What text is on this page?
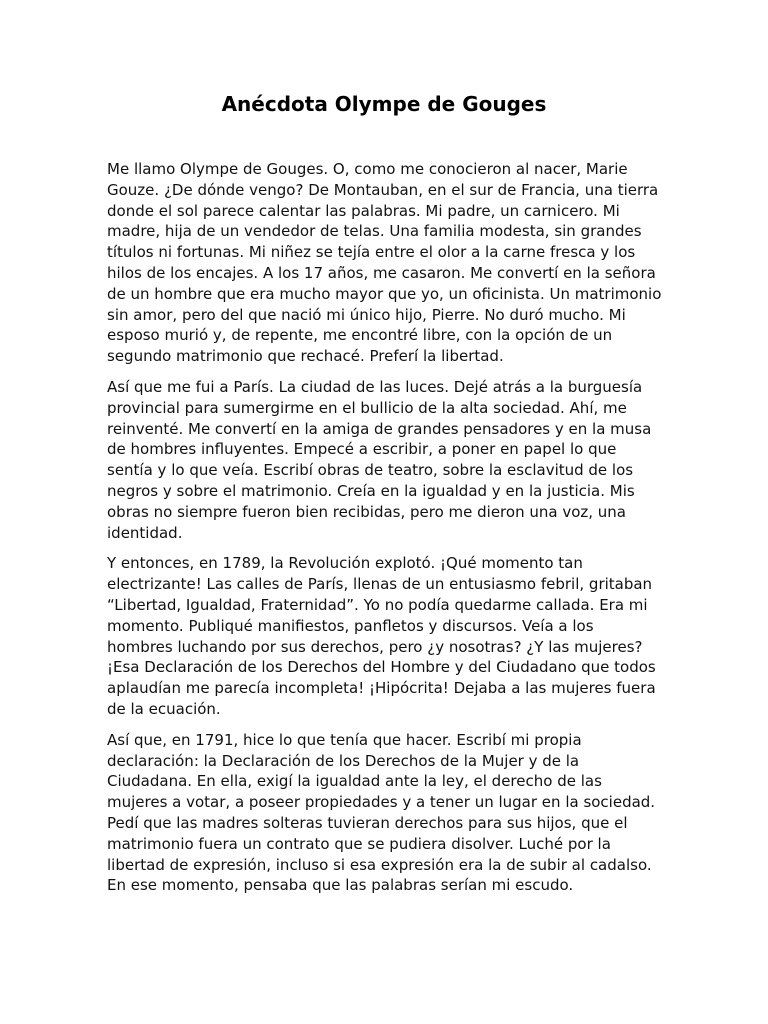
Anécdota Olympe de Gouges

Me llamo Olympe de Gouges. O, como me conocieron al nacer, Marie Gouze. ¿De dónde vengo? De Montauban, en el sur de Francia, una tierra donde el sol parece calentar las palabras. Mi padre, un carnicero. Mi madre, hija de un vendedor de telas. Una familia modesta, sin grandes títulos ni fortunas. Mi niñez se tejía entre el olor a la carne fresca y los hilos de los encajes. A los 17 años, me casaron. Me convertí en la señora de un hombre que era mucho mayor que yo, un oficinista. Un matrimonio sin amor, pero del que nació mi único hijo, Pierre. No duró mucho. Mi esposo murió y, de repente, me encontré libre, con la opción de un segundo matrimonio que rechacé. Preferí la libertad.

Así que me fui a París. La ciudad de las luces. Dejé atrás a la burguesía provincial para sumergirme en el bullicio de la alta sociedad. Ahí, me reinventé. Me convertí en la amiga de grandes pensadores y en la musa de hombres influyentes. Empecé a escribir, a poner en papel lo que sentía y lo que veía. Escribí obras de teatro, sobre la esclavitud de los negros y sobre el matrimonio. Creía en la igualdad y en la justicia. Mis obras no siempre fueron bien recibidas, pero me dieron una voz, una identidad.

Y entonces, en 1789, la Revolución explotó. ¡Qué momento tan electrizante! Las calles de París, llenas de un entusiasmo febril, gritaban “Libertad, Igualdad, Fraternidad”. Yo no podía quedarme callada. Era mi momento. Publiqué manifiestos, panfletos y discursos. Veía a los hombres luchando por sus derechos, pero ¿y nosotras? ¿Y las mujeres? ¡Esa Declaración de los Derechos del Hombre y del Ciudadano que todos aplaudían me parecía incompleta! ¡Hipócrita! Dejaba a las mujeres fuera de la ecuación.

Así que, en 1791, hice lo que tenía que hacer. Escribí mi propia declaración: la Declaración de los Derechos de la Mujer y de la Ciudadana. En ella, exigí la igualdad ante la ley, el derecho de las mujeres a votar, a poseer propiedades y a tener un lugar en la sociedad. Pedí que las madres solteras tuvieran derechos para sus hijos, que el matrimonio fuera un contrato que se pudiera disolver. Luché por la libertad de expresión, incluso si esa expresión era la de subir al cadalso. En ese momento, pensaba que las palabras serían mi escudo.
